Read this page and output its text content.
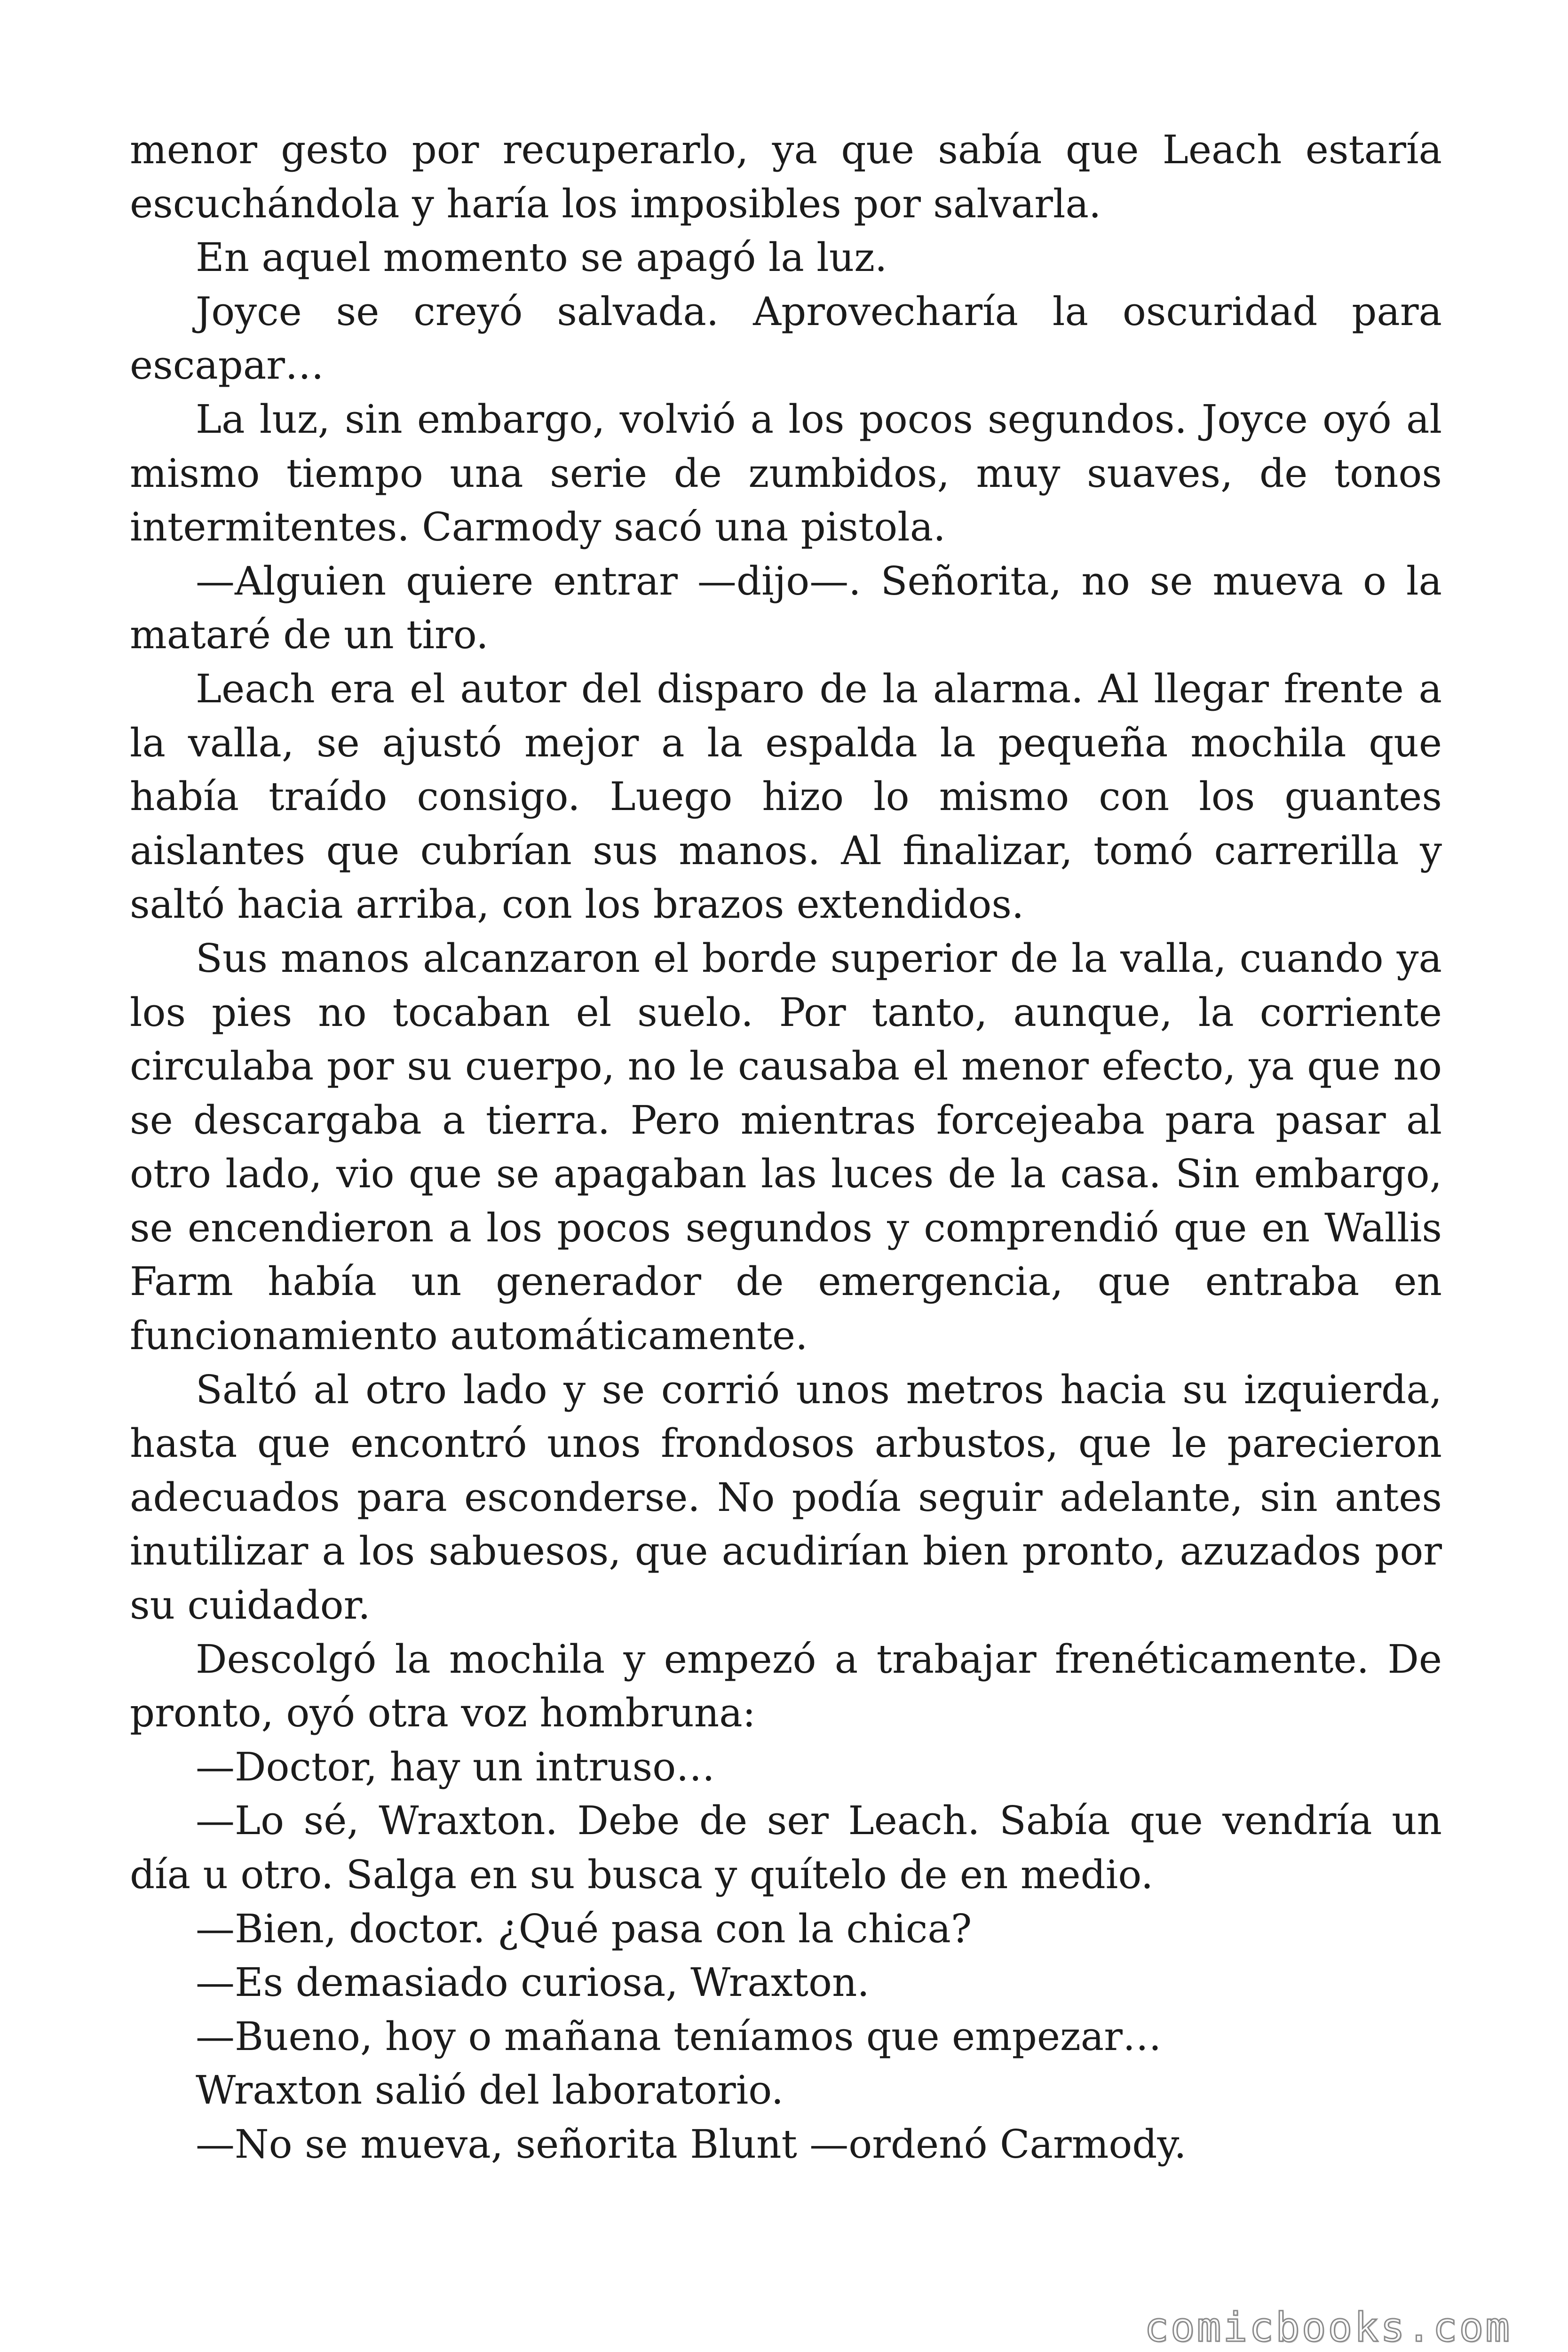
menor gesto por recuperarlo, ya que sabía que Leach estaría escuchándola y haría los imposibles por salvarla.

En aquel momento se apagó la luz.

Joyce se creyó salvada. Aprovecharía la oscuridad para escapar…

La luz, sin embargo, volvió a los pocos segundos. Joyce oyó al mismo tiempo una serie de zumbidos, muy suaves, de tonos intermitentes. Carmody sacó una pistola.

—Alguien quiere entrar —dijo—. Señorita, no se mueva o la mataré de un tiro.

Leach era el autor del disparo de la alarma. Al llegar frente a la valla, se ajustó mejor a la espalda la pequeña mochila que había traído consigo. Luego hizo lo mismo con los guantes aislantes que cubrían sus manos. Al finalizar, tomó carrerilla y saltó hacia arriba, con los brazos extendidos.

Sus manos alcanzaron el borde superior de la valla, cuando ya los pies no tocaban el suelo. Por tanto, aunque, la corriente circulaba por su cuerpo, no le causaba el menor efecto, ya que no se descargaba a tierra. Pero mientras forcejeaba para pasar al otro lado, vio que se apagaban las luces de la casa. Sin embargo, se encendieron a los pocos segundos y comprendió que en Wallis Farm había un generador de emergencia, que entraba en funcionamiento automáticamente.

Saltó al otro lado y se corrió unos metros hacia su izquierda, hasta que encontró unos frondosos arbustos, que le parecieron adecuados para esconderse. No podía seguir adelante, sin antes inutilizar a los sabuesos, que acudirían bien pronto, azuzados por su cuidador.

Descolgó la mochila y empezó a trabajar frenéticamente. De pronto, oyó otra voz hombruna:

—Doctor, hay un intruso…

—Lo sé, Wraxton. Debe de ser Leach. Sabía que vendría un día u otro. Salga en su busca y quítelo de en medio.

—Bien, doctor. ¿Qué pasa con la chica?

—Es demasiado curiosa, Wraxton.

—Bueno, hoy o mañana teníamos que empezar…

Wraxton salió del laboratorio.

—No se mueva, señorita Blunt —ordenó Carmody.

comicbooks.com
